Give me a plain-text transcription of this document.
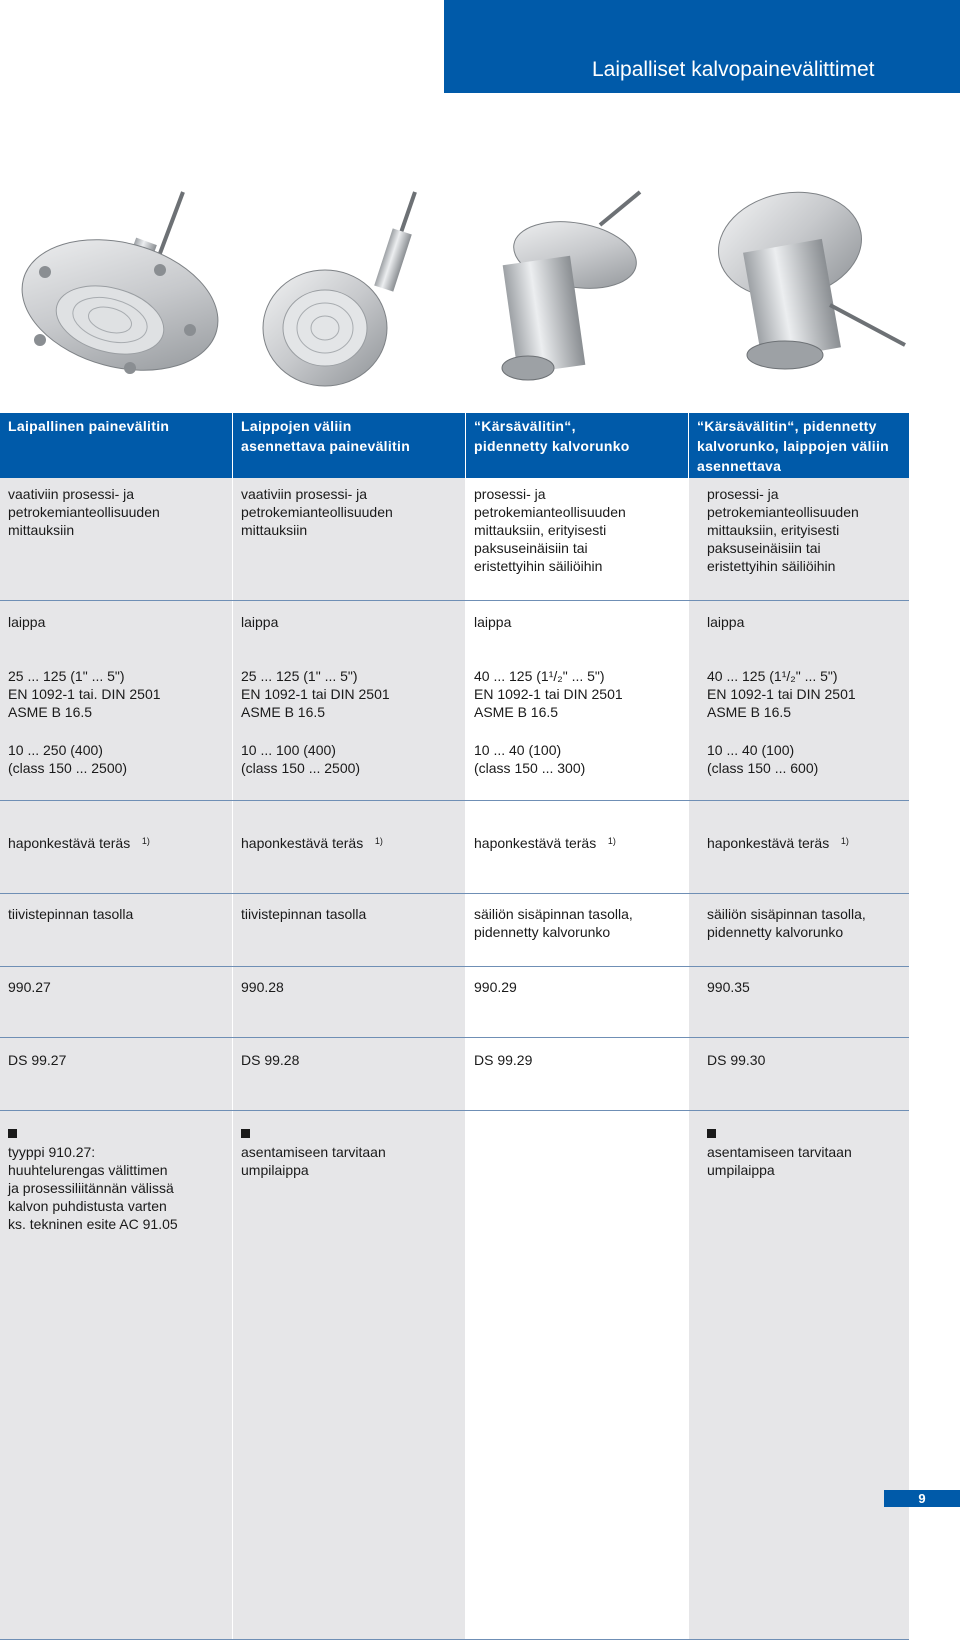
Laipalliset kalvopainevälittimet
Laipallinen painevälitin	Laippojen väliin
asennettava painevälitin
“Kärsävälitin“,
pidennetty kalvorunko
“Kärsävälitin“, pidennetty
kalvorunko, laippojen väliin
asennettava
vaativiin prosessi- ja
petrokemianteollisuuden
mittauksiin
laippa
25 ... 125 (1" ... 5")
EN 1092-1 tai. DIN 2501
ASME B 16.5
10 ... 250 (400)
(class 150 ... 2500)

haponkestävä teräs $^{1)}$

tiivistepinnan tasolla
990.27
DS 99.27

tyyppi 910.27:
huuhtelurengas välittimen
ja prosessiliitännän välissä
kalvon puhdistusta varten
ks. tekninen esite AC 91.05

vaativiin prosessi- ja
petrokemianteollisuuden
mittauksiin
laippa
25 ... 125 (1" ... 5")
EN 1092-1 tai DIN 2501
ASME B 16.5
10 ... 100 (400)
(class 150 ... 2500)

haponkestävä teräs $^{1)}$

tiivistepinnan tasolla
990.28
DS 99.28

asentamiseen tarvitaan
umpilaippa

prosessi- ja
petrokemianteollisuuden
mittauksiin, erityisesti
paksuseinäisiin tai
eristettyihin säiliöihin
laippa
40 ... 125 (1¹/₂" ... 5")
EN 1092-1 tai DIN 2501
ASME B 16.5
10 ... 40 (100)
(class 150 ... 300)

haponkestävä teräs $^{1)}$

säiliön sisäpinnan tasolla,
pidennetty kalvorunko
990.29
DS 99.29
prosessi- ja
petrokemianteollisuuden
mittauksiin, erityisesti
paksuseinäisiin tai
eristettyihin säiliöihin
laippa
40 ... 125 (1¹/₂" ... 5")
EN 1092-1 tai DIN 2501
ASME B 16.5
10 ... 40 (100)
(class 150 ... 600)

haponkestävä teräs $^{1)}$

säiliön sisäpinnan tasolla,
pidennetty kalvorunko
990.35
DS 99.30

asentamiseen tarvitaan
umpilaippa

9
